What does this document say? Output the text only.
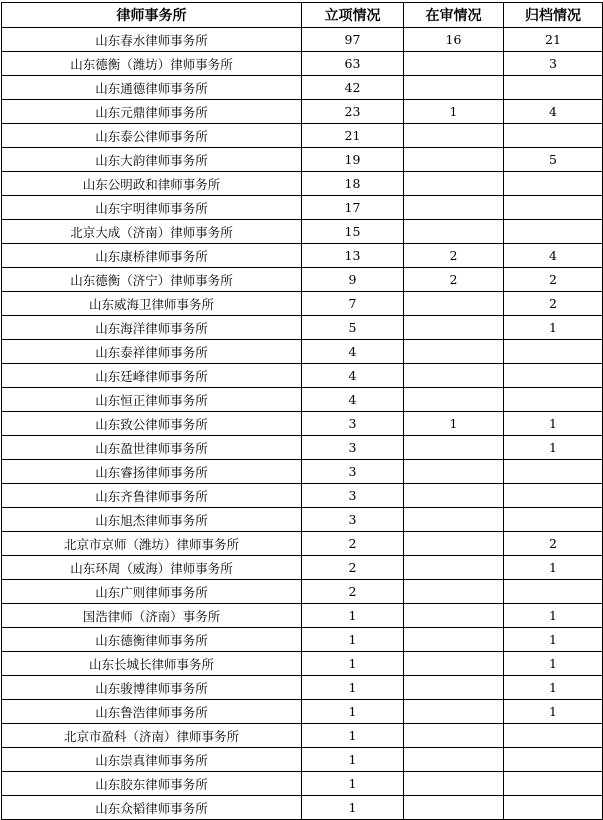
律师事务所	立项情况	在审情况	归档情况
山东春水律师事务所	97	16	21
山东德衡（潍坊）律师事务所	63		3
山东通德律师事务所	42		
山东元鼎律师事务所	23	1	4
山东泰公律师事务所	21		
山东大韵律师事务所	19		5
山东公明政和律师事务所	18		
山东宇明律师事务所	17		
北京大成（济南）律师事务所	15		
山东康桥律师事务所	13	2	4
山东德衡（济宁）律师事务所	9	2	2
山东威海卫律师事务所	7		2
山东海洋律师事务所	5		1
山东泰祥律师事务所	4		
山东廷峰律师事务所	4		
山东恒正律师事务所	4		
山东致公律师事务所	3	1	1
山东盈世律师事务所	3		1
山东睿扬律师事务所	3		
山东齐鲁律师事务所	3		
山东旭杰律师事务所	3		
北京市京师（潍坊）律师事务所	2		2
山东环周（威海）律师事务所	2		1
山东广则律师事务所	2		
国浩律师（济南）事务所	1		1
山东德衡律师事务所	1		1
山东长城长律师事务所	1		1
山东骏博律师事务所	1		1
山东鲁浩律师事务所	1		1
北京市盈科（济南）律师事务所	1		
山东崇真律师事务所	1		
山东胶东律师事务所	1		
山东众韬律师事务所	1		
